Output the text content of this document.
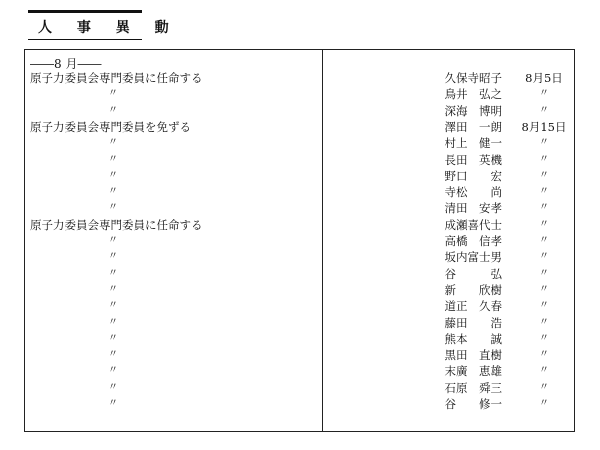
人 事 異 動
――8 月――
原子力委員会専門委員に任命する	久保寺昭子	8月5日
〃	鳥井　弘之	〃
〃	深海　博明	〃
原子力委員会専門委員を免ずる	澤田　一朗	8月15日
〃	村上　健一	〃
〃	長田　英機	〃
〃	野口　　宏	〃
〃	寺松　　尚	〃
〃	清田　安孝	〃
原子力委員会専門委員に任命する	成瀬喜代士	〃
〃	高橋　信孝	〃
〃	坂内富士男	〃
〃	谷　　　弘	〃
〃	新　　欣樹	〃
〃	道正　久春	〃
〃	藤田　　浩	〃
〃	熊本　　誠	〃
〃	黒田　直樹	〃
〃	末廣　恵雄	〃
〃	石原　舜三	〃
〃	谷　　修一	〃
